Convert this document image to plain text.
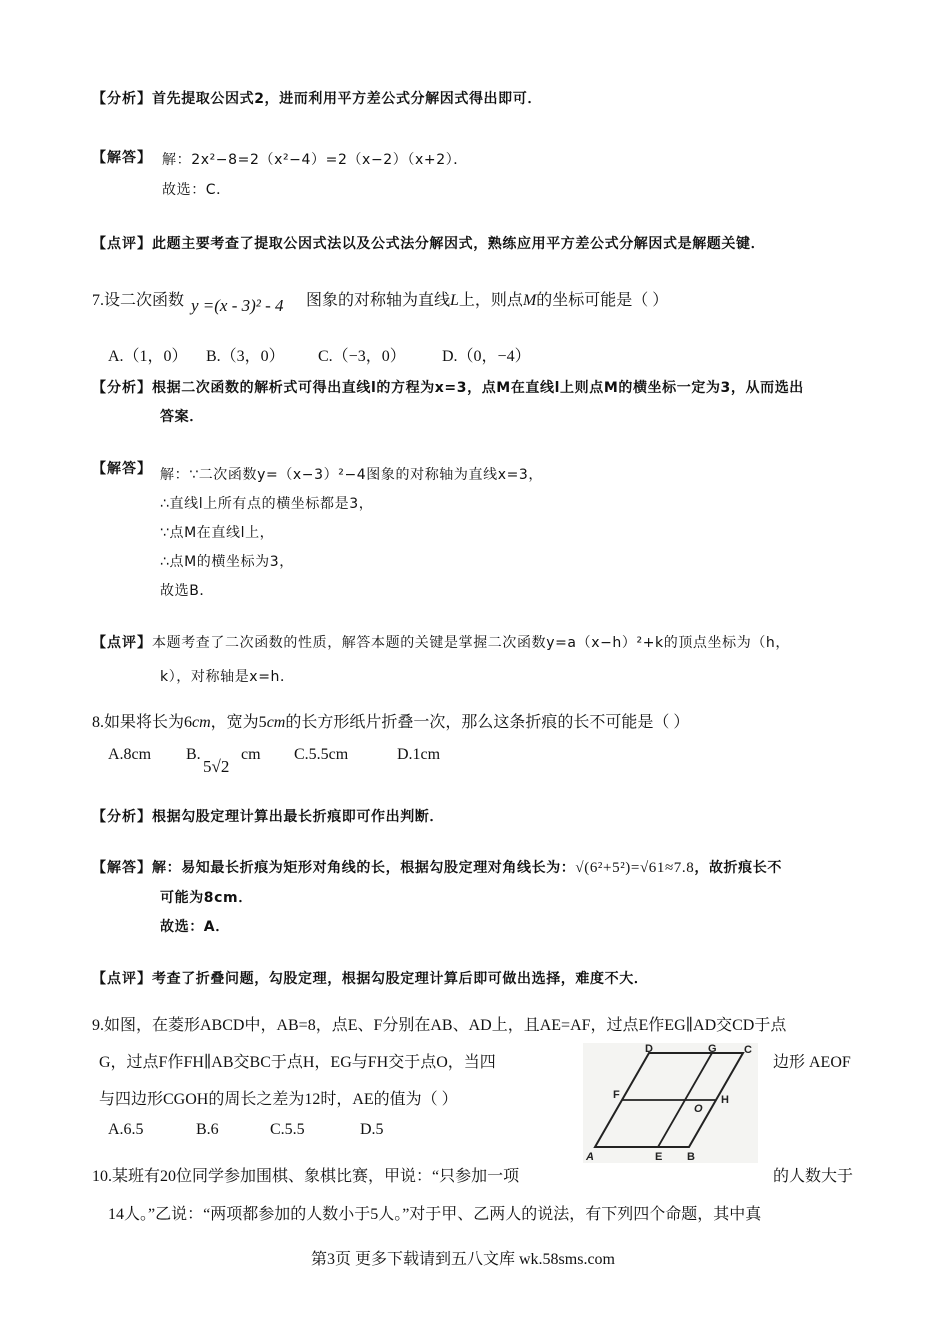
【分析】首先提取公因式2，进而利用平方差公式分解因式得出即可．
【解答】 解：2x²−8=2（x²−4）=2（x−2）（x+2）．
故选：C．
【点评】此题主要考查了提取公因式法以及公式法分解因式，熟练应用平方差公式分解因式是解题关键．
7.设二次函数 y =(x - 3)² - 4 图象的对称轴为直线L上，则点M的坐标可能是（ ）
A.（1，0） B.（3，0） C.（−3，0） D.（0，−4）
【分析】根据二次函数的解析式可得出直线l的方程为x=3，点M在直线l上则点M的横坐标一定为3，从而选出
答案．
【解答】 解：∵二次函数y=（x−3）²−4图象的对称轴为直线x=3，
∴直线l上所有点的横坐标都是3，
∵点M在直线l上，
∴点M的横坐标为3，
故选B．
【点评】本题考查了二次函数的性质，解答本题的关键是掌握二次函数y=a（x−h）²+k的顶点坐标为（h，
k），对称轴是x=h．
8.如果将长为6cm，宽为5cm的长方形纸片折叠一次，那么这条折痕的长不可能是（ ）
A.8cm B.
5√2
cm C.5.5cm	D.1cm
【分析】根据勾股定理计算出最长折痕即可作出判断．
【解答】解：易知最长折痕为矩形对角线的长，根据勾股定理对角线长为：√(6²+5²)=√61≈7.8，故折痕长不
可能为8cm．
故选：A．
【点评】考查了折叠问题，勾股定理，根据勾股定理计算后即可做出选择，难度不大．
9.如图，在菱形ABCD中，AB=8，点E、F分别在AB、AD上，且AE=AF，过点E作EG∥AD交CD于点
G，过点F作FH∥AB交BC于点H，EG与FH交于点O，当四	边形 AEOF
与四边形CGOH的周长之差为12时，AE的值为（ ）
A.6.5	B.6	C.5.5	D.5
D	G C
F
O
H
A	E B
10.某班有20位同学参加围棋、象棋比赛，甲说：“只参加一项	的人数大于
14人。”乙说：“两项都参加的人数小于5人。”对于甲、乙两人的说法，有下列四个命题，其中真
第3页 更多下载请到五八文库 wk.58sms.com
